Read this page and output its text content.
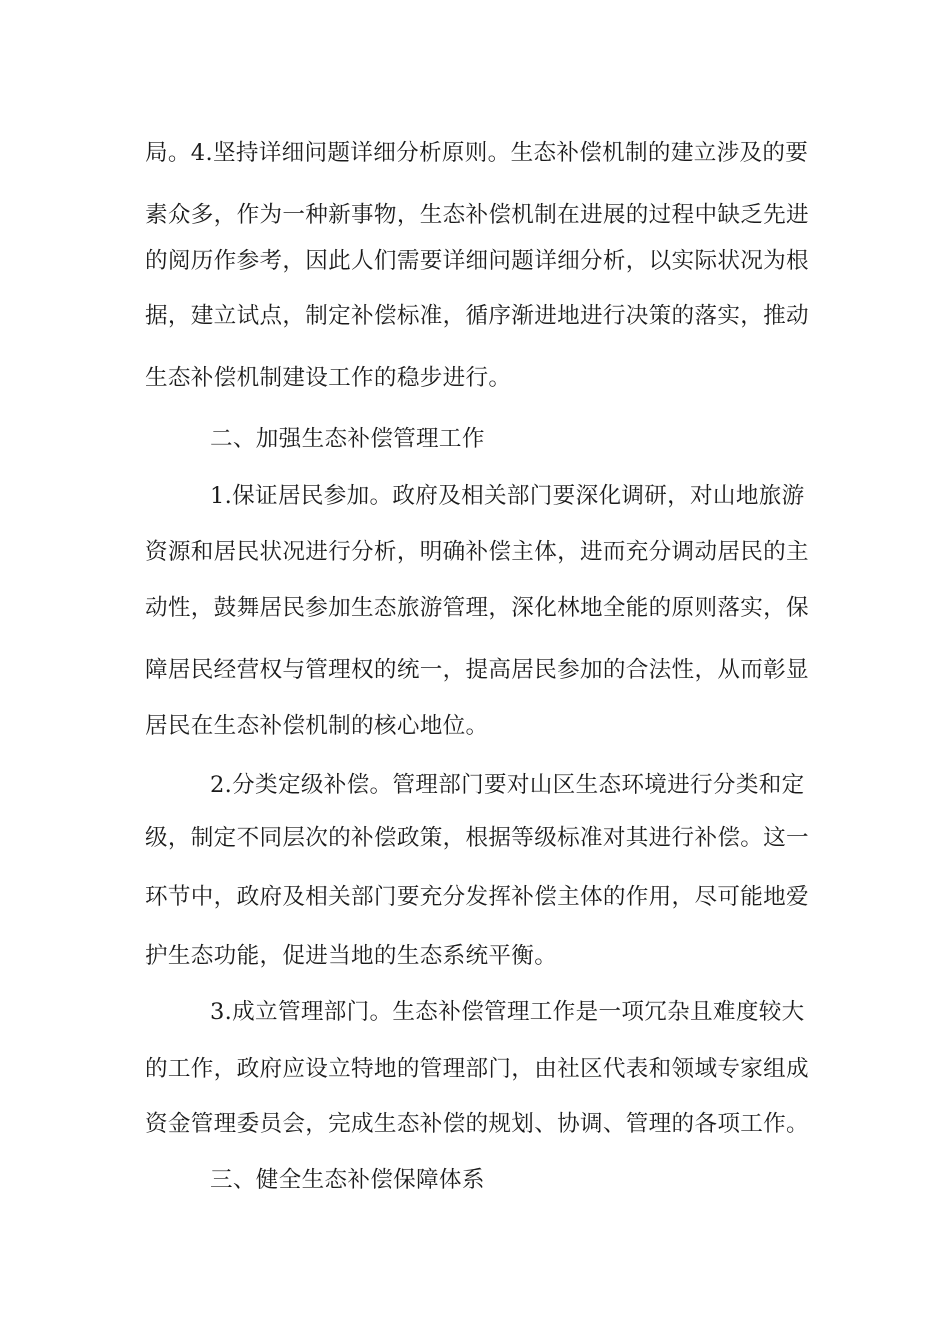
局。4.坚持详细问题详细分析原则。生态补偿机制的建立涉及的要
素众多，作为一种新事物，生态补偿机制在进展的过程中缺乏先进
的阅历作参考，因此人们需要详细问题详细分析，以实际状况为根
据，建立试点，制定补偿标准，循序渐进地进行决策的落实，推动
生态补偿机制建设工作的稳步进行。
二、加强生态补偿管理工作
1.保证居民参加。政府及相关部门要深化调研，对山地旅游
资源和居民状况进行分析，明确补偿主体，进而充分调动居民的主
动性，鼓舞居民参加生态旅游管理，深化林地全能的原则落实，保
障居民经营权与管理权的统一，提高居民参加的合法性，从而彰显
居民在生态补偿机制的核心地位。
2.分类定级补偿。管理部门要对山区生态环境进行分类和定
级，制定不同层次的补偿政策，根据等级标准对其进行补偿。这一
环节中，政府及相关部门要充分发挥补偿主体的作用，尽可能地爱
护生态功能，促进当地的生态系统平衡。
3.成立管理部门。生态补偿管理工作是一项冗杂且难度较大
的工作，政府应设立特地的管理部门，由社区代表和领域专家组成
资金管理委员会，完成生态补偿的规划、协调、管理的各项工作。
三、健全生态补偿保障体系
